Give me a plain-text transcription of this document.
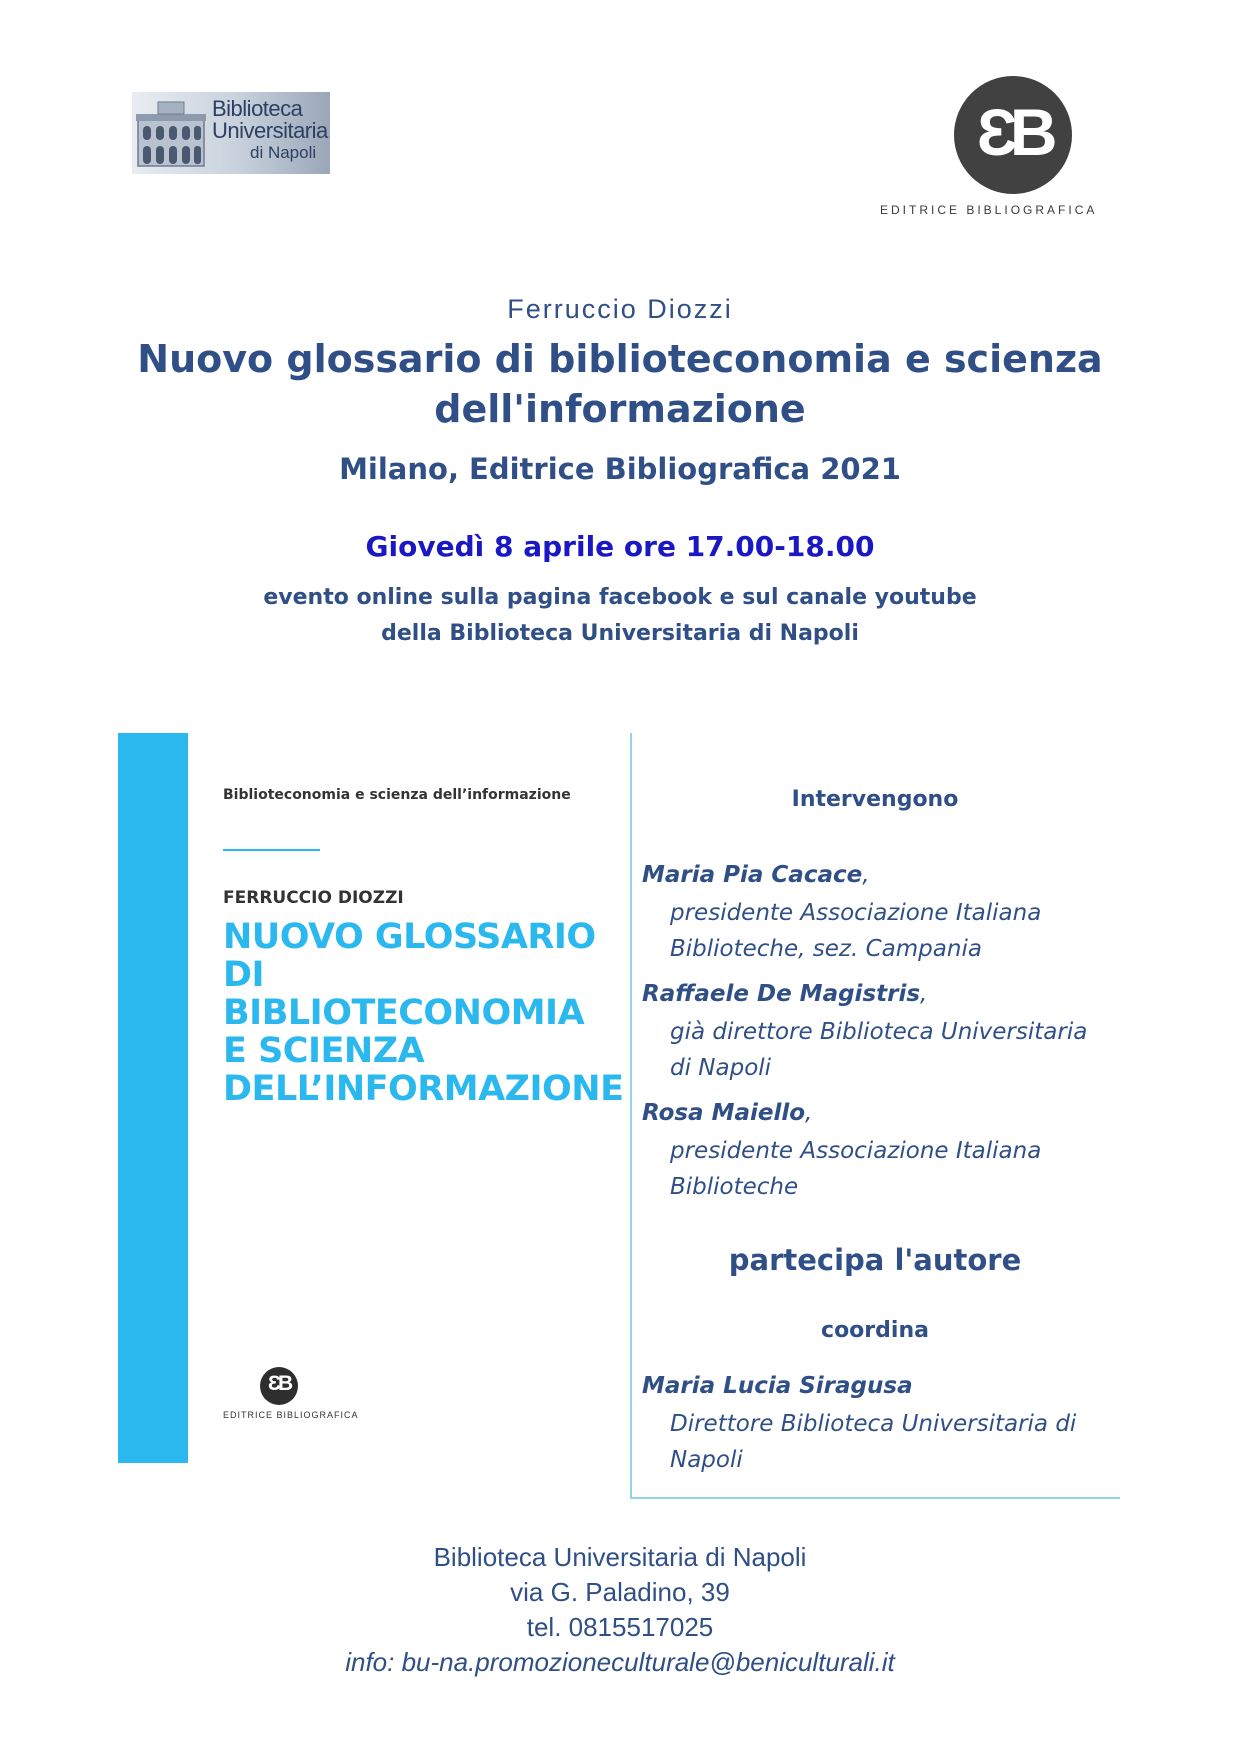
Biblioteca
Universitaria
di Napoli	ƐB
EDITRICE BIBLIOGRAFICA
Ferruccio Diozzi
Nuovo glossario di biblioteconomia e scienza
dell'informazione
Milano, Editrice Bibliografica 2021
Giovedì 8 aprile ore 17.00-18.00
evento online sulla pagina facebook e sul canale youtube
della Biblioteca Universitaria di Napoli
Biblioteconomia e scienza dell’informazione
FERRUCCIO DIOZZI
NUOVO GLOSSARIO
DI BIBLIOTECONOMIA
E SCIENZA
DELL’INFORMAZIONE
ƐB
EDITRICE BIBLIOGRAFICA
Intervengono
Maria Pia Cacace,
presidente Associazione Italiana
Biblioteche, sez. Campania
Raffaele De Magistris,
già direttore Biblioteca Universitaria
di Napoli
Rosa Maiello,
presidente Associazione Italiana
Biblioteche
partecipa l'autore
coordina
Maria Lucia Siragusa
Direttore Biblioteca Universitaria di
Napoli
Biblioteca Universitaria di Napoli
via G. Paladino, 39
tel. 0815517025
info: bu-na.promozioneculturale@beniculturali.it
